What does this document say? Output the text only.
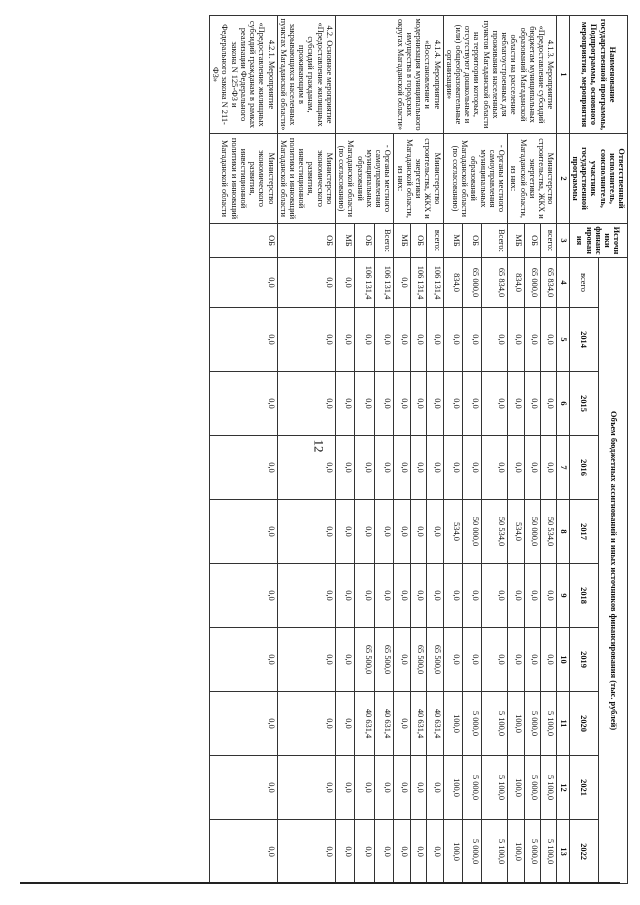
12
Наименование государственной программы, Подпрограммы, основного мероприятия, мероприятия	Ответственный исполнитель, соисполнитель, участник государственной программы	Источники финансирования	Объем бюджетных ассигнований и иных источников финансирования (тыс. рублей)									
			всего	2014	2015	2016	2017	2018	2019	2020	2021	2022
1	2	3	4	5	6	7	8	9	10	11	12	13
4.1.3. Мероприятие «Предоставление субсидий бюджетам муниципальных образований Магаданской области на расселение неблагоустроенных для проживания населенных пунктов Магаданской области на территории которых, отсутствуют дошкольные и (или) общеобразовательные организации»	Министерство строительства, ЖКХ и энергетики Магаданской области, из них:	всего:	65 834,0	0,0	0,0	0,0	50 534,0	0,0	0,0	5 100,0	5 100,0	5 100,0
		ОБ	65 000,0	0,0	0,0	0,0	50 000,0	0,0	0,0	5 000,0	5 000,0	5 000,0
		МБ	834,0	0,0	0,0	0,0	534,0	0,0	0,0	100,0	100,0	100,0
	- Органы местного самоуправления муниципальных образований Магаданской области (по согласованию)	Всего:	65 834,0	0,0	0,0	0,0	50 534,0	0,0	0,0	5 100,0	5 100,0	5 100,0
		ОБ	65 000,0	0,0	0,0	0,0	50 000,0	0,0	0,0	5 000,0	5 000,0	5 000,0
		МБ	834,0	0,0	0,0	0,0	534,0	0,0	0,0	100,0	100,0	100,0
4.1.4. Мероприятие «Восстановление и модернизация муниципального имущества в городских округах Магаданской области»	Министерство строительства, ЖКХ и энергетики Магаданской области, из них:	всего:	106 131,4	0,0	0,0	0,0	0,0	0,0	65 500,0	40 631,4	0,0	0,0
		ОБ	106 131,4	0,0	0,0	0,0	0,0	0,0	65 500,0	40 631,4	0,0	0,0
		МБ	0,0	0,0	0,0	0,0	0,0	0,0	0,0	0,0	0,0	0,0
	- Органы местного самоуправления муниципальных образований Магаданской области (по согласованию)	Всего:	106 131,4	0,0	0,0	0,0	0,0	0,0	65 500,0	40 631,4	0,0	0,0
		ОБ	106 131,4	0,0	0,0	0,0	0,0	0,0	65 500,0	40 631,4	0,0	0,0
		МБ	0,0	0,0	0,0	0,0	0,0	0,0	0,0	0,0	0,0	0,0
4.2. Основное мероприятие «Предоставление жилищных субсидий гражданам, проживающим в закрывающихся населенных пунктах Магаданской области»	Министерство экономического развития, инвестиционной политики и инноваций Магаданской области	ОБ	0,0	0,0	0,0	0,0	0,0	0,0	0,0	0,0	0,0	0,0
4.2.1. Мероприятие «Предоставление жилищных субсидий гражданам в рамках реализации Федерального закона N 125-ФЗ и Федерального закона N 211-ФЗ»	Министерство экономического развития, инвестиционной политики и инноваций Магаданской области	ОБ	0,0	0,0	0,0	0,0	0,0	0,0	0,0	0,0	0,0	0,0
